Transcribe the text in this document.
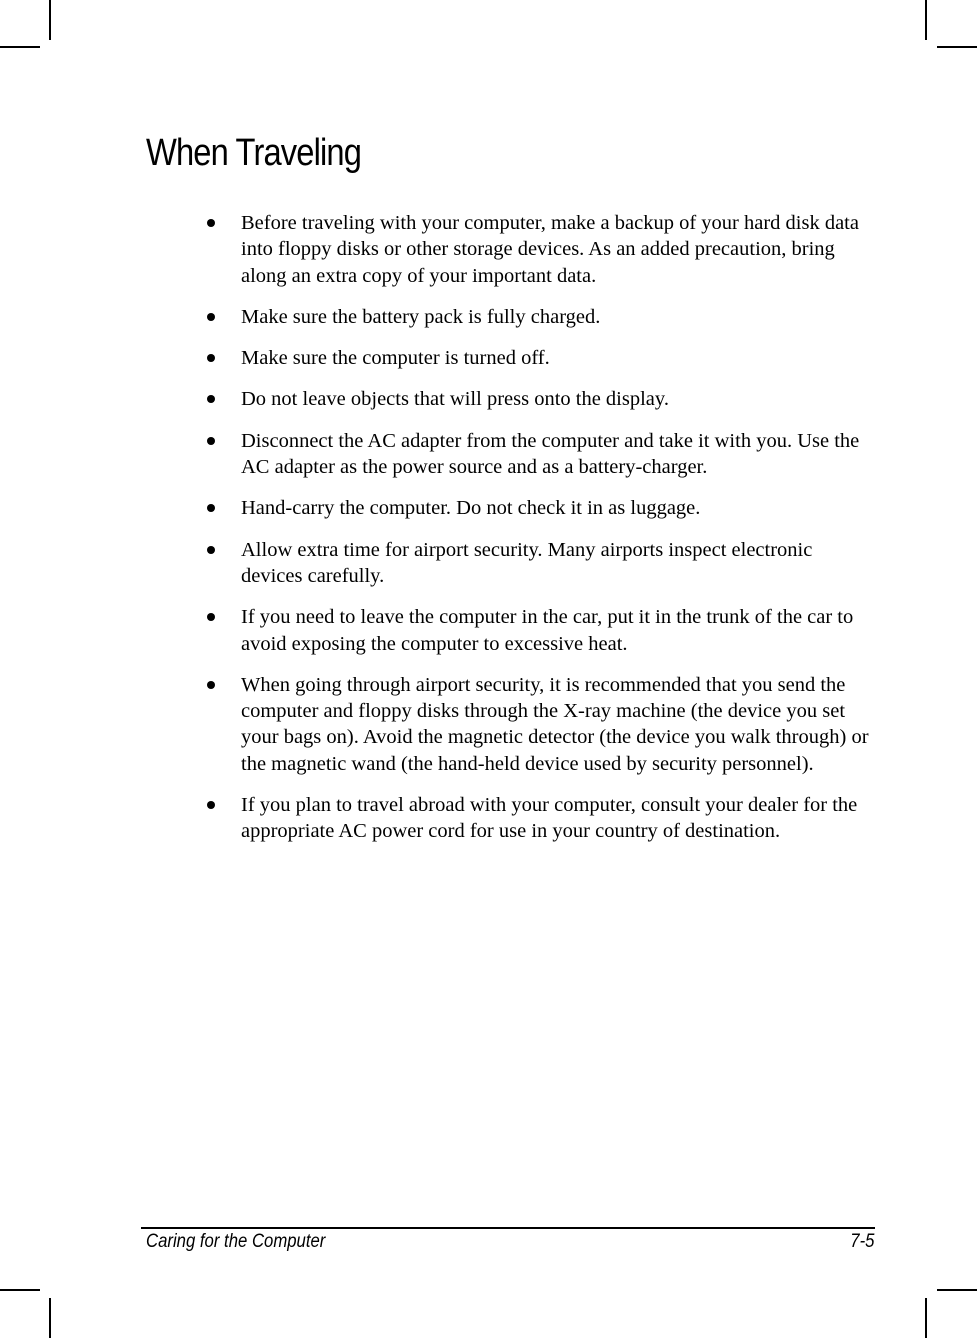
When Traveling
Before traveling with your computer, make a backup of your hard disk data into floppy disks or other storage devices. As an added precaution, bring along an extra copy of your important data.
Make sure the battery pack is fully charged.
Make sure the computer is turned off.
Do not leave objects that will press onto the display.
Disconnect the AC adapter from the computer and take it with you. Use the AC adapter as the power source and as a battery-charger.
Hand-carry the computer. Do not check it in as luggage.
Allow extra time for airport security. Many airports inspect electronic devices carefully.
If you need to leave the computer in the car, put it in the trunk of the car to avoid exposing the computer to excessive heat.
When going through airport security, it is recommended that you send the computer and floppy disks through the X-ray machine (the device you set your bags on). Avoid the magnetic detector (the device you walk through) or the magnetic wand (the hand-held device used by security personnel).
If you plan to travel abroad with your computer, consult your dealer for the appropriate AC power cord for use in your country of destination.
Caring for the Computer	7-5
